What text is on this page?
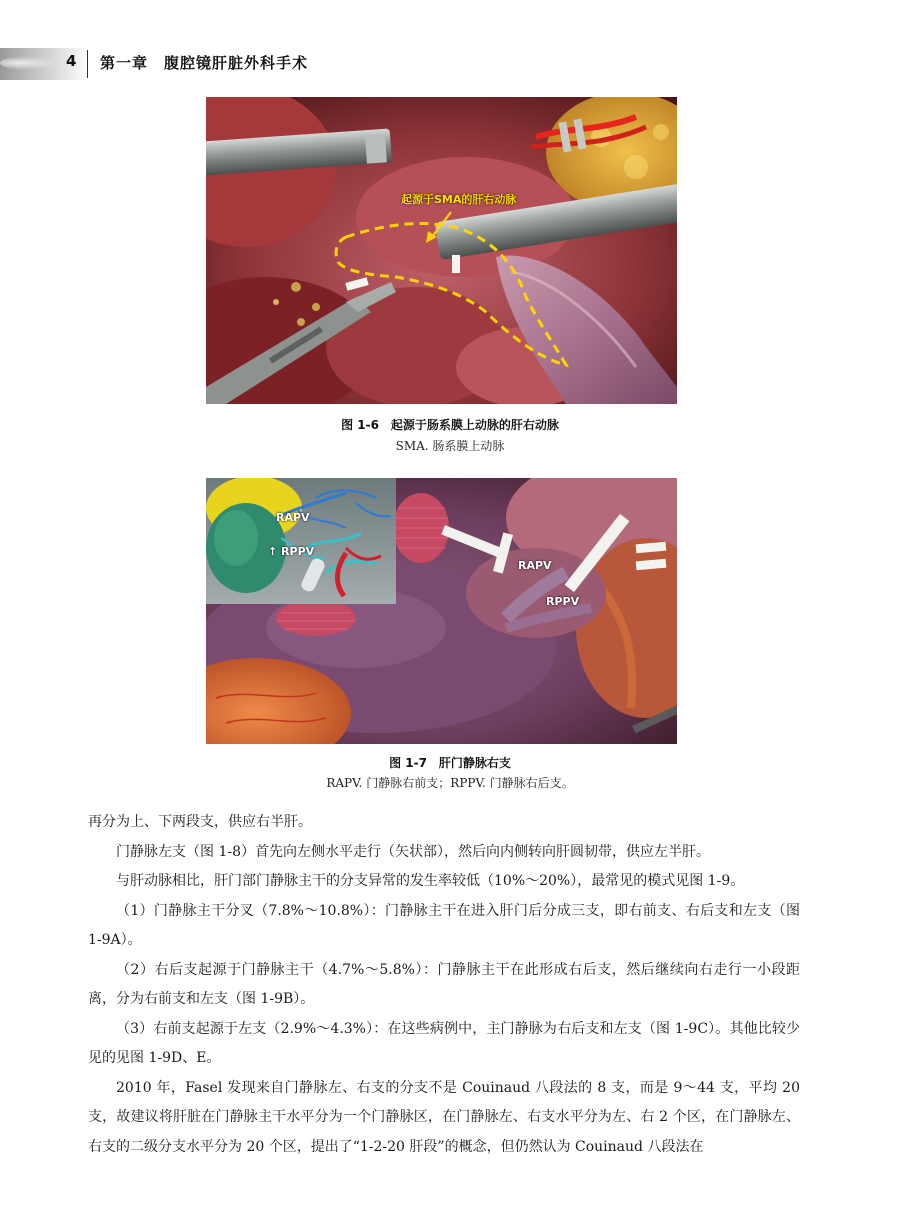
4 第一章　腹腔镜肝脏外科手术
起源于SMA的肝右动脉
图 1-6　起源于肠系膜上动脉的肝右动脉
SMA. 肠系膜上动脉
RAPV
↑ RPPV
RAPV
RPPV
图 1-7　肝门静脉右支
RAPV. 门静脉右前支；RPPV. 门静脉右后支。

再分为上、下两段支，供应右半肝。

门静脉左支（图 1-8）首先向左侧水平走行（矢状部），然后向内侧转向肝圆韧带，供应左半肝。

与肝动脉相比，肝门部门静脉主干的分支异常的发生率较低（10%～20%），最常见的模式见图 1-9。

（1）门静脉主干分叉（7.8%～10.8%）：门静脉主干在进入肝门后分成三支，即右前支、右后支和左支（图 1-9A）。

（2）右后支起源于门静脉主干（4.7%～5.8%）：门静脉主干在此形成右后支，然后继续向右走行一小段距离，分为右前支和左支（图 1-9B）。

（3）右前支起源于左支（2.9%～4.3%）：在这些病例中，主门静脉为右后支和左支（图 1-9C）。其他比较少见的见图 1-9D、E。

2010 年，Fasel 发现来自门静脉左、右支的分支不是 Couinaud 八段法的 8 支，而是 9～44 支，平均 20 支，故建议将肝脏在门静脉主干水平分为一个门静脉区，在门静脉左、右支水平分为左、右 2 个区，在门静脉左、右支的二级分支水平分为 20 个区，提出了“1-2-20 肝段”的概念，但仍然认为 Couinaud 八段法在
